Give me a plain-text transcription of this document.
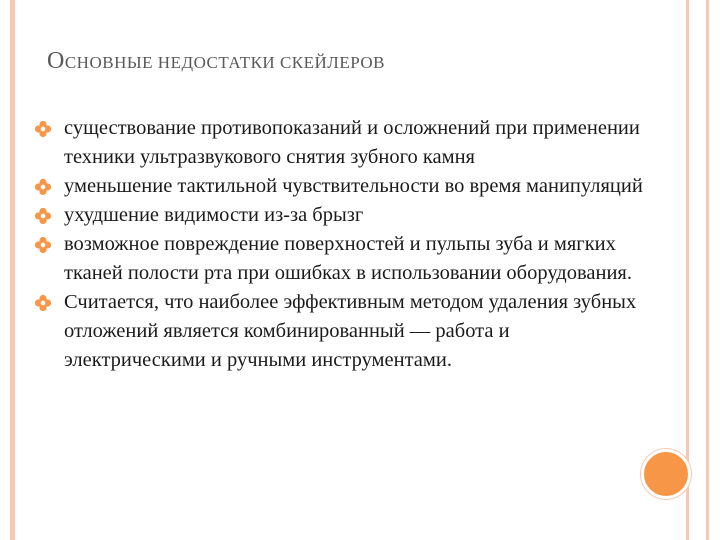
ОСНОВНЫЕ НЕДОСТАТКИ СКЕЙЛЕРОВ
существование противопоказаний и осложнений при применении техники ультразвукового снятия зубного камня
уменьшение тактильной чувствительности во время манипуляций
ухудшение видимости из-за брызг
возможное повреждение поверхностей и пульпы зуба и мягких тканей полости рта при ошибках в использовании оборудования.
Считается, что наиболее эффективным методом удаления зубных отложений является комбинированный — работа и электрическими и ручными инструментами.
